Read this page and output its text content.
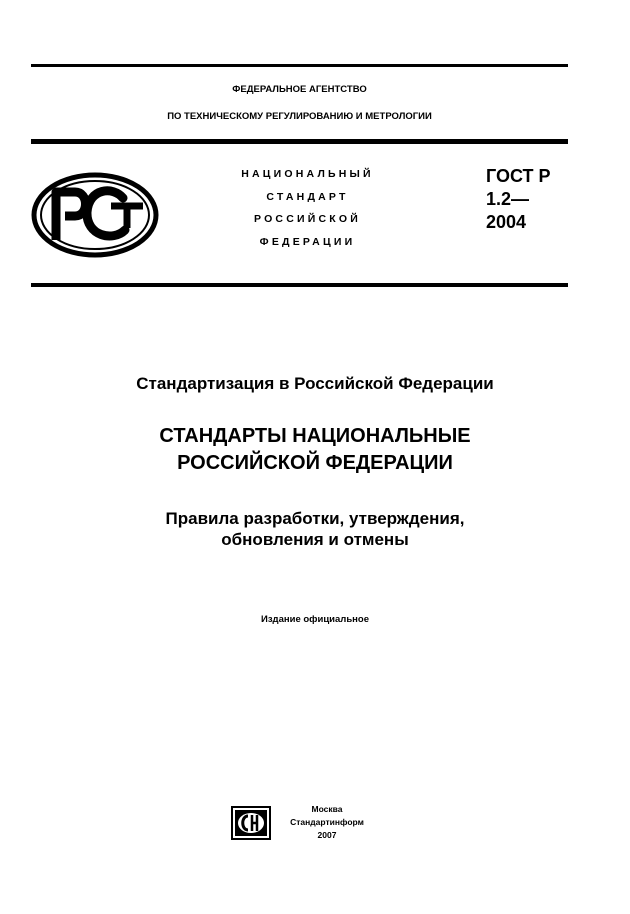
ФЕДЕРАЛЬНОЕ АГЕНТСТВО
ПО ТЕХНИЧЕСКОМУ РЕГУЛИРОВАНИЮ И МЕТРОЛОГИИ
НАЦИОНАЛЬНЫЙ
СТАНДАРТ
РОССИЙСКОЙ
ФЕДЕРАЦИИ
ГОСТ Р
1.2—
2004
Стандартизация в Российской Федерации
СТАНДАРТЫ НАЦИОНАЛЬНЫЕ
РОССИЙСКОЙ ФЕДЕРАЦИИ
Правила разработки, утверждения,
обновления и отмены
Издание официальное
Москва
Стандартинформ
2007
